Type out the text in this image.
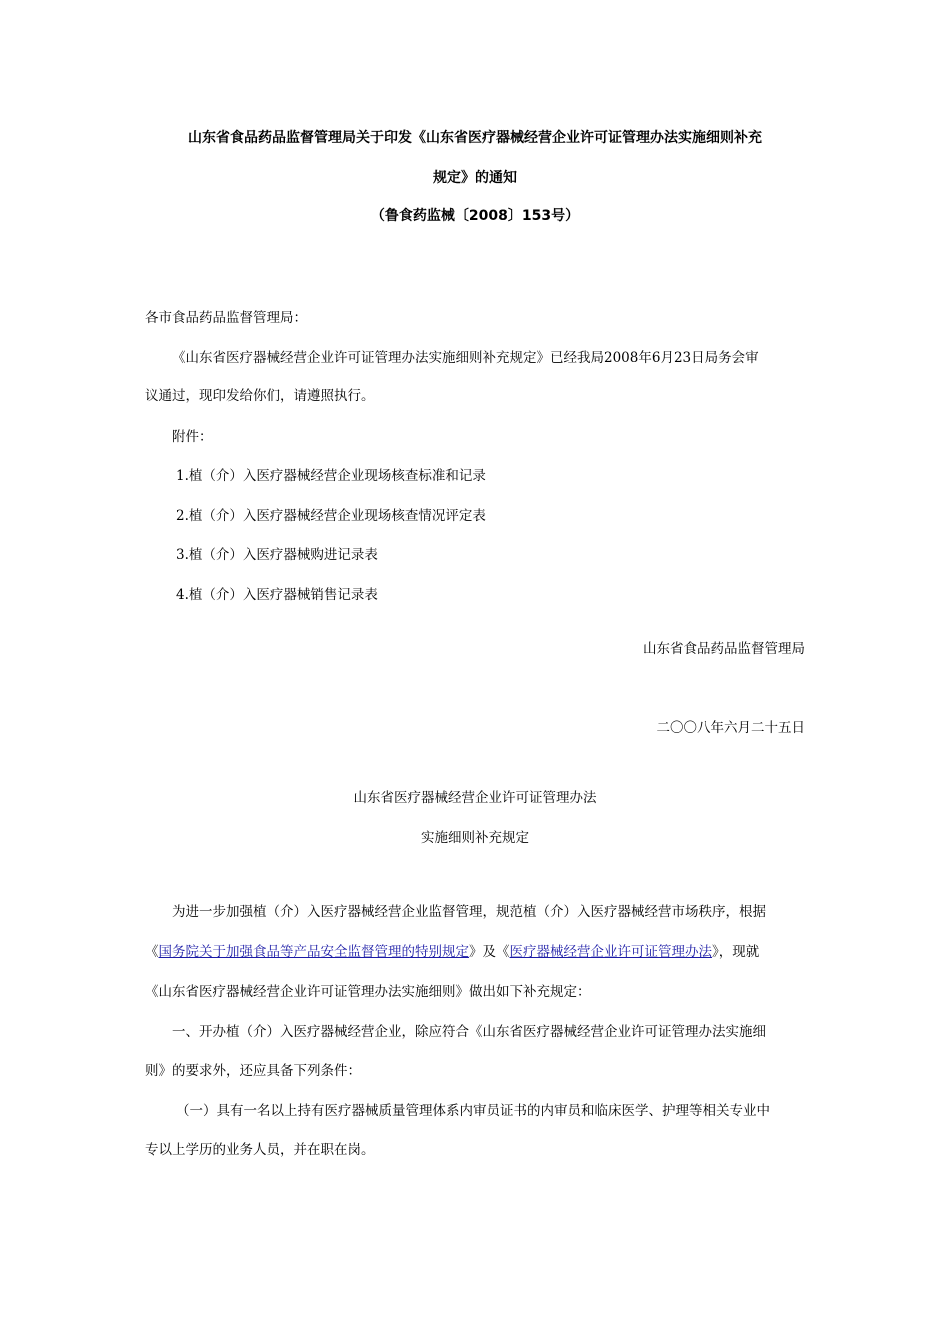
山东省食品药品监督管理局关于印发《山东省医疗器械经营企业许可证管理办法实施细则补充
规定》的通知
（鲁食药监械〔2008〕153号）
各市食品药品监督管理局：
《山东省医疗器械经营企业许可证管理办法实施细则补充规定》已经我局2008年6月23日局务会审
议通过，现印发给你们，请遵照执行。
附件：
1.植（介）入医疗器械经营企业现场核查标准和记录
2.植（介）入医疗器械经营企业现场核查情况评定表
3.植（介）入医疗器械购进记录表
4.植（介）入医疗器械销售记录表
山东省食品药品监督管理局
二〇〇八年六月二十五日
山东省医疗器械经营企业许可证管理办法
实施细则补充规定
为进一步加强植（介）入医疗器械经营企业监督管理，规范植（介）入医疗器械经营市场秩序，根据
《国务院关于加强食品等产品安全监督管理的特别规定》及《医疗器械经营企业许可证管理办法》，现就
《山东省医疗器械经营企业许可证管理办法实施细则》做出如下补充规定：
一、开办植（介）入医疗器械经营企业，除应符合《山东省医疗器械经营企业许可证管理办法实施细
则》的要求外，还应具备下列条件：
（一）具有一名以上持有医疗器械质量管理体系内审员证书的内审员和临床医学、护理等相关专业中
专以上学历的业务人员，并在职在岗。
